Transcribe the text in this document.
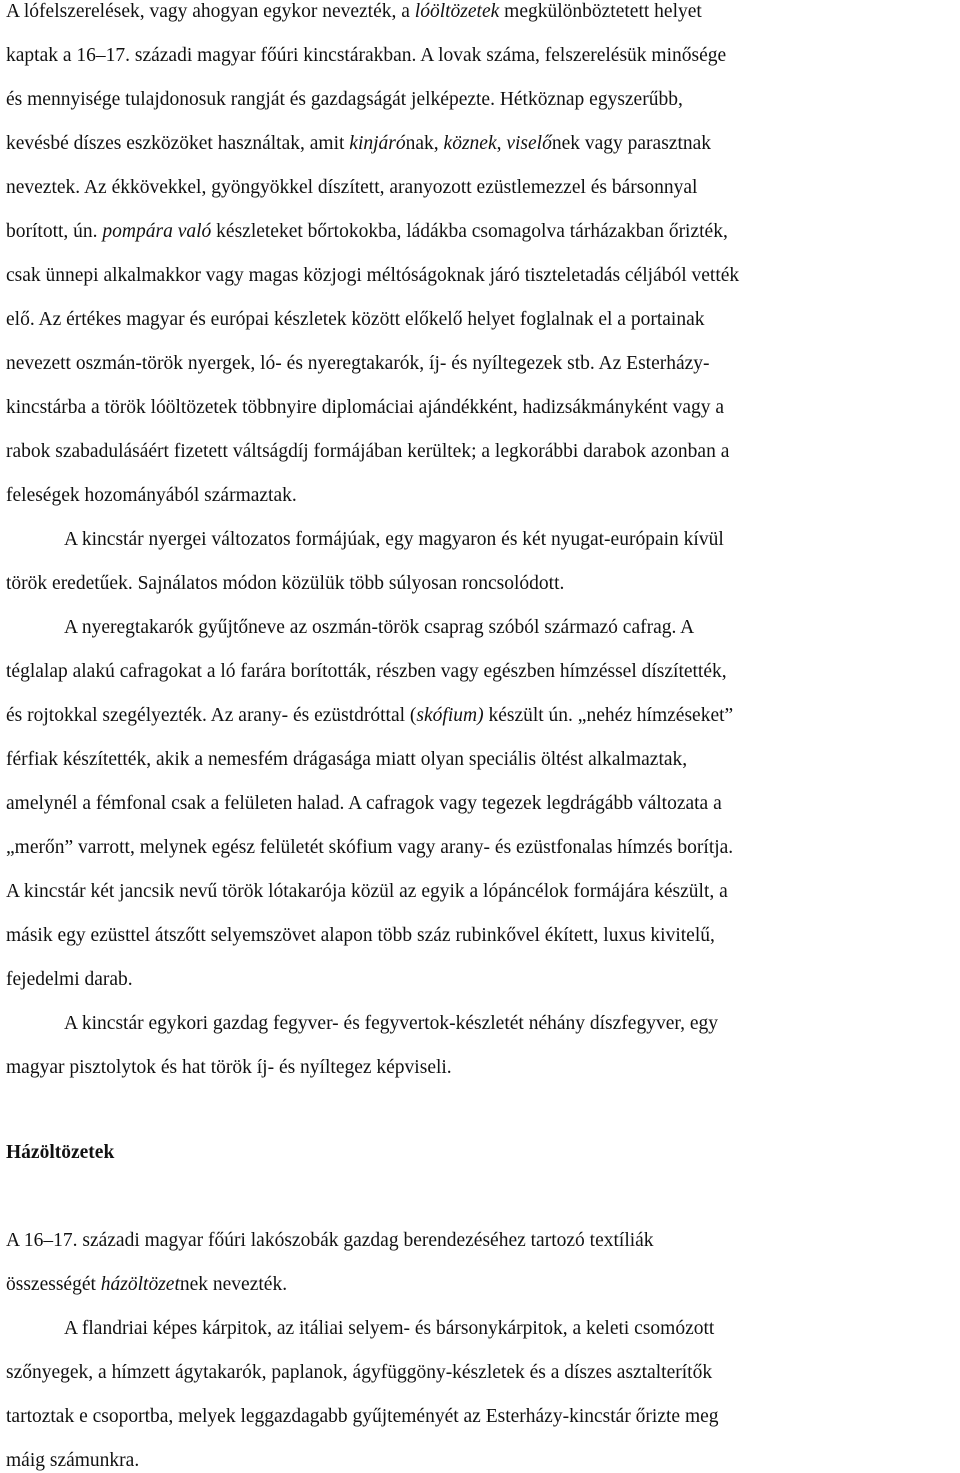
A lófelszerelések, vagy ahogyan egykor nevezték, a lóöltözetek megkülönböztetett helyet
kaptak a 16–17. századi magyar főúri kincstárakban. A lovak száma, felszerelésük minősége
és mennyisége tulajdonosuk rangját és gazdagságát jelképezte. Hétköznap egyszerűbb,
kevésbé díszes eszközöket használtak, amit kinjárónak, köznek, viselőnek vagy parasztnak
neveztek. Az ékkövekkel, gyöngyökkel díszített, aranyozott ezüstlemezzel és bársonnyal
borított, ún. pompára való készleteket bőrtokokba, ládákba csomagolva tárházakban őrizték,
csak ünnepi alkalmakkor vagy magas közjogi méltóságoknak járó tiszteletadás céljából vették
elő. Az értékes magyar és európai készletek között előkelő helyet foglalnak el a portainak
nevezett oszmán-török nyergek, ló- és nyeregtakarók, íj- és nyíltegezek stb. Az Esterházy-
kincstárba a török lóöltözetek többnyire diplomáciai ajándékként, hadizsákmányként vagy a
rabok szabadulásáért fizetett váltságdíj formájában kerültek; a legkorábbi darabok azonban a
feleségek hozományából származtak.
A kincstár nyergei változatos formájúak, egy magyaron és két nyugat-európain kívül
török eredetűek. Sajnálatos módon közülük több súlyosan roncsolódott.
A nyeregtakarók gyűjtőneve az oszmán-török csaprag szóból származó cafrag. A
téglalap alakú cafragokat a ló farára borították, részben vagy egészben hímzéssel díszítették,
és rojtokkal szegélyezték. Az arany- és ezüstdróttal (skófium) készült ún. „nehéz hímzéseket”
férfiak készítették, akik a nemesfém drágasága miatt olyan speciális öltést alkalmaztak,
amelynél a fémfonal csak a felületen halad. A cafragok vagy tegezek legdrágább változata a
„merőn” varrott, melynek egész felületét skófium vagy arany- és ezüstfonalas hímzés borítja.
A kincstár két jancsik nevű török lótakarója közül az egyik a lópáncélok formájára készült, a
másik egy ezüsttel átszőtt selyemszövet alapon több száz rubinkővel ékített, luxus kivitelű,
fejedelmi darab.
A kincstár egykori gazdag fegyver- és fegyvertok-készletét néhány díszfegyver, egy
magyar pisztolytok és hat török íj- és nyíltegez képviseli.
Házöltözetek
A 16–17. századi magyar főúri lakószobák gazdag berendezéséhez tartozó textíliák
összességét házöltözetnek nevezték.
A flandriai képes kárpitok, az itáliai selyem- és bársonykárpitok, a keleti csomózott
szőnyegek, a hímzett ágytakarók, paplanok, ágyfüggöny-készletek és a díszes asztalterítők
tartoztak e csoportba, melyek leggazdagabb gyűjteményét az Esterházy-kincstár őrizte meg
máig számunkra.
